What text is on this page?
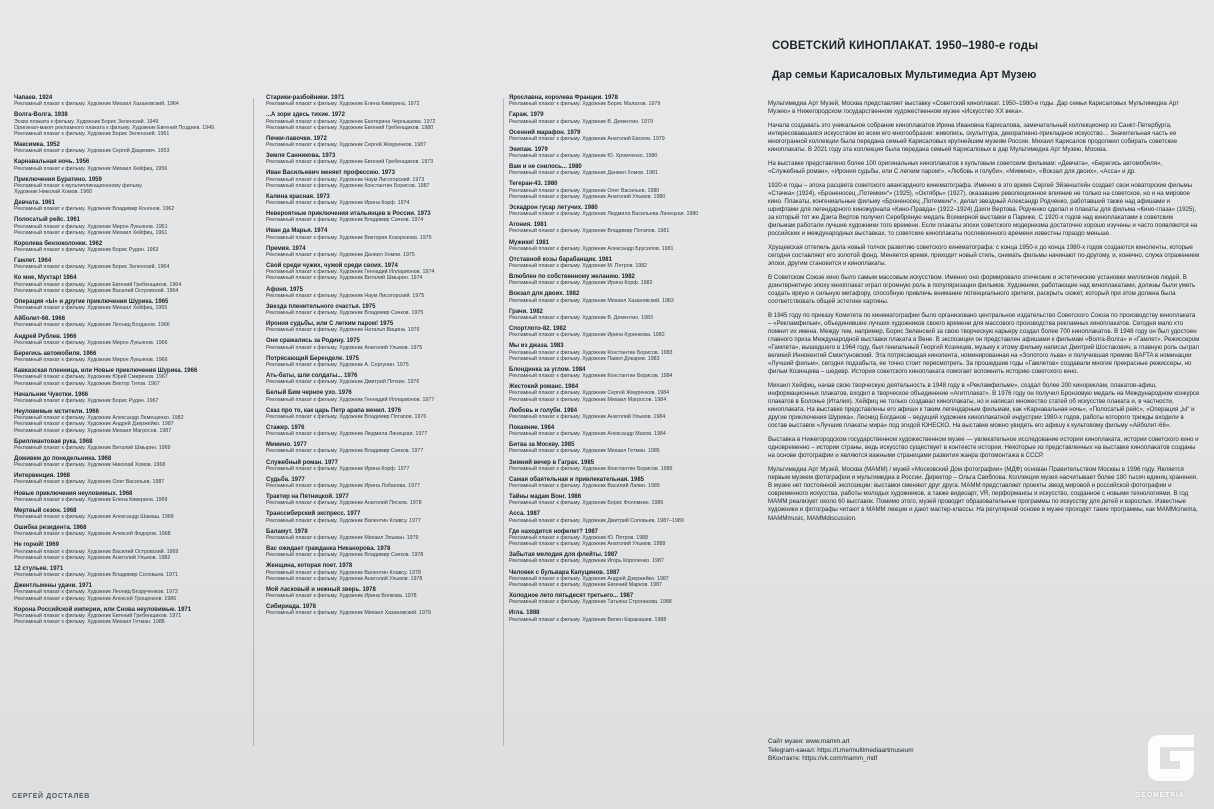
Чапаев. 1924
Рекламный плакат к фильму. Художник Михаил Хазановский. 1964
Волга-Волга. 1938
Эскиз плаката к фильму. Художник Борис Зеленский. 1949
Оригинал-макет рекламного плаката к фильму. Художник Евгений Позднев. 1949.
Рекламный плакат к фильму. Художник Борис Зеленский. 1961
Максимка. 1952
Рекламный плакат к фильму. Художник Сергей Дацкевич. 1953
Карнавальная ночь. 1956
Рекламный плакат к фильму. Художник Михаил Хейфиц. 1956
Приключения Буратино. 1959
Рекламный плакат к мультипликационному фильму.
Художник Николай Хомов. 1960
Девчата. 1961
Рекламный плакат к фильму. Художник Владимир Кононов. 1962
Полосатый рейс. 1961
Рекламный плакат к фильму. Художник Мирон Лукьянов. 1961
Рекламный плакат к фильму. Художник Михаил Хейфиц. 1961
Королева бензоколонки. 1962
Рекламный плакат к фильму. Художник Борис Рудин. 1963
Гамлет. 1964
Рекламный плакат к фильму. Художник Борис Зеленский. 1964
Ко мне, Мухтар! 1964
Рекламный плакат к фильму. Художник Евгений Гребенщиков. 1964
Рекламный плакат к фильму. Художник Василий Островский. 1964
Операция «Ы» и другие приключения Шурика. 1965
Рекламный плакат к фильму. Художник Михаил Хейфиц. 1965
Айболит-66. 1966
Рекламный плакат к фильму. Художник Леонид Богданов. 1966
Андрей Рублев. 1966
Рекламный плакат к фильму. Художник Мирон Лукьянов. 1966
Берегись автомобиля. 1966
Рекламный плакат к фильму. Художник Мирон Лукьянов. 1966
Кавказская пленница, или Новые приключения Шурика. 1966
Рекламный плакат к фильму. Художник Юрий Смиренов. 1967
Рекламный плакат к фильму. Художник Виктор Титов. 1967
Начальник Чукотки. 1966
Рекламный плакат к фильму. Художник Борис Рудин. 1967
Неуловимые мстители. 1966
Рекламный плакат к фильму. Художник Александр Лемещенко. 1982
Рекламный плакат к фильму. Художник Андрей Дзержейко. 1987
Рекламный плакат к фильму. Художник Михаил Магросов. 1987
Бриллиантовая рука. 1968
Рекламный плакат к фильму. Художник Виталий Шмырин. 1969
Доживем до понедельника. 1968
Рекламный плакат к фильму. Художник Николай Хомов. 1968
Интервенция. 1968
Рекламный плакат к фильму. Художник Олег Васильев. 1987
Новые приключения неуловимых. 1968
Рекламный плакат к фильму. Художник Елена Киверина. 1969
Мертвый сезон. 1968
Рекламный плакат к фильму. Художник Александр Шамаш. 1968
Ошибка резидента. 1968
Рекламный плакат к фильму. Художник Алексей Федоров. 1968
Не горюй! 1969
Рекламный плакат к фильму. Художник Василий Островский. 1969
Рекламный плакат к фильму. Художник Анатолий Ульмов. 1982
12 стульев. 1971
Рекламный плакат к фильму. Художник Владимир Соловьев. 1971
Джентльмены удачи. 1971
Рекламный плакат к фильму. Художник Леонид Безрученков. 1972
Рекламный плакат к фильму. Художник Алексей Трощенков. 1986
Корона Российской империи, или Снова неуловимые. 1971
Рекламный плакат к фильму. Художник Евгений Гребенщиков. 1971
Рекламный плакат к фильму. Художник Михаил Гетман. 1986
Старики-разбойники. 1971
Рекламный плакат к фильму. Художник Елена Киверина. 1972
...А зори здесь тихие. 1972
Рекламный плакат к фильму. Художник Екатерина Чернышева. 1972
Рекламный плакат к фильму. Художник Евгений Гребенщиков. 1980
Печки-лавочки. 1972
Рекламный плакат к фильму. Художник Сергей Жмуренков. 1987
Земля Санникова. 1973
Рекламный плакат к фильму. Художник Евгений Гребенщиков. 1973
Иван Васильевич меняет профессию. 1973
Рекламный плакат к фильму. Художник Наум Лисогорский. 1973
Рекламный плакат к фильму. Художник Константин Борисов. 1987
Калина красная. 1973
Рекламный плакат к фильму. Художник Ирина Корф. 1974
Невероятные приключения итальянцев в России. 1973
Рекламный плакат к фильму. Художник Владимир Сачков. 1974
Иван да Марья. 1974
Рекламный плакат к фильму. Художник Виктория Козорезова. 1975
Премия. 1974
Рекламный плакат к фильму. Художник Даниил Хомов. 1975
Свой среди чужих, чужой среди своих. 1974
Рекламный плакат к фильму. Художник Геннадий Илларионов. 1974
Рекламный плакат к фильму. Художник Виталий Шмырин. 1974
Афоня. 1975
Рекламный плакат к фильму. Художник Наум Лисогорский. 1975
Звезда пленительного счастья. 1975
Рекламный плакат к фильму. Художник Владимир Сачков. 1975
Ирония судьбы, или С легким паром! 1975
Рекламный плакат к фильму. Художник Наталья Вицина. 1976
Они сражались за Родину. 1975
Рекламный плакат к фильму. Художник Анатолий Ульмов. 1975
Потрясающий Беренделе. 1975
Рекламный плакат к фильму. Художник А. Сергунин. 1975
Ать-баты, шли солдаты... 1976
Рекламный плакат к фильму. Художник Дмитрий Пяткин. 1976
Белый Бим черное ухо. 1976
Рекламный плакат к фильму. Художник Геннадий Илларионов. 1977
Сказ про то, как царь Петр арапа женил. 1976
Рекламный плакат к фильму. Художник Владимир Потапов. 1976
Стажер. 1976
Рекламный плакат к фильму. Художник Людмила Линецкая. 1977
Мимино. 1977
Рекламный плакат к фильму. Художник Владимир Сачков. 1977
Служебный роман. 1977
Рекламный плакат к фильму. Художник Ирина Корф. 1977
Судьба. 1977
Рекламный плакат к фильму. Художник Ирина Лобанова. 1977
Трактир на Пятницкой. 1977
Рекламный плакат к фильму. Художник Анатолий Песков. 1978
Транссибирский экспресс. 1977
Рекламный плакат к фильму. Художник Валентин Клавсу. 1977
Баламут. 1978
Рекламный плакат к фильму. Художник Михаил Эльман. 1979
Вас ожидает гражданка Никанорова. 1978
Рекламный плакат к фильму. Художник Владимир Сачков. 1978
Женщина, которая поет. 1978
Рекламный плакат к фильму. Художник Валентин Клавсу. 1978
Рекламный плакат к фильму. Художник Анатолий Ульмов. 1978
Мой ласковый и нежный зверь. 1978
Рекламный плакат к фильму. Художник Ирина Волкова. 1978
Сибириада. 1978
Рекламный плакат к фильму. Художник Михаил Хазановский. 1979
Ярославна, королева Франции. 1978
Рекламный плакат к фильму. Художник Борис Малахов. 1979
Гараж. 1979
Рекламный плакат к фильму. Художник В. Дементин. 1979
Осенний марафон. 1979
Рекламный плакат к фильму. Художник Анатолий Евсеев. 1979
Экипаж. 1979
Рекламный плакат к фильму. Художник Ю. Хромченко. 1980
Вам и не снилось... 1980
Рекламный плакат к фильму. Художник Даниил Хомов. 1981
Тегеран-43. 1980
Рекламный плакат к фильму. Художник Олег Васильев. 1980
Рекламный плакат к фильму. Художник Анатолий Ульмов. 1980
Эскадрон гусар летучих. 1980
Рекламный плакат к фильму. Художник Людмила Васильева Линецкая. 1980
Агония. 1981
Рекламный плакат к фильму. Художник Владимир Потапов. 1981
Мужики! 1981
Рекламный плакат к фильму. Художник Александр Брусилов. 1981
Отставной козы барабанщик. 1981
Рекламный плакат к фильму. Художник М. Петров. 1982
Влюблен по собственному желанию. 1982
Рекламный плакат к фильму. Художник Ирина Корф. 1982
Вокзал для двоих. 1982
Рекламный плакат к фильму. Художник Михаил Хазановский. 1983
Грачи. 1982
Рекламный плакат к фильму. Художник В. Дементин. 1983
Спортлото-82. 1982
Рекламный плакат к фильму. Художник Ирина Куринкова. 1982
Мы из джаза. 1983
Рекламный плакат к фильму. Художник Константин Борисов. 1983
Рекламный плакат к фильму. Художник Павел Докарев. 1983
Блондинка за углом. 1984
Рекламный плакат к фильму. Художник Константин Борисов. 1984
Жестокий романс. 1984
Рекламный плакат к фильму. Художник Сергей Жмуренков. 1984
Рекламный плакат к фильму. Художник Михаил Магросов. 1984
Любовь и голуби. 1984
Рекламный плакат к фильму. Художник Анатолий Ульмов. 1984
Покаяние. 1984
Рекламный плакат к фильму. Художник Александр Махов. 1984
Битва за Москву. 1985
Рекламный плакат к фильму. Художник Михаил Гетман. 1985
Зимний вечер в Гаграх. 1985
Рекламный плакат к фильму. Художник Константин Борисов. 1985
Самая обаятельная и привлекательная. 1985
Рекламный плакат к фильму. Художник Василий Лапин. 1985
Тайны мадам Вонг. 1986
Рекламный плакат к фильму. Художник Борис Фоломкин. 1986
Асса. 1987
Рекламный плакат к фильму. Художник Дмитрий Соловьев. 1987–1989
Где находится нофелет? 1987
Рекламный плакат к фильму. Художник Ю. Петров. 1988
Рекламный плакат к фильму. Художник Анатолий Ульмов. 1988
Забытая мелодия для флейты. 1987
Рекламный плакат к фильму. Художник Игорь Короленко. 1987
Человек с бульвара Капуцинов. 1987
Рекламный плакат к фильму. Художник Андрей Дзержейко. 1987
Рекламный плакат к фильму. Художник Евгений Марков. 1987
Холодное лето пятьдесят третьего... 1987
Рекламный плакат к фильму. Художник Татьяна Строганова. 1988
Игла. 1988
Рекламный плакат к фильму. Художник Вилен Каракашев. 1988
СОВЕТСКИЙ КИНОПЛАКАТ. 1950–1980-е годы
Дар семьи Карисаловых Мультимедиа Арт Музею

Мультимедиа Арт Музей, Москва представляет выставку «Советский киноплакат. 1950–1980-е годы. Дар семьи Карисаловых Мультимедиа Арт Музею» в Нижегородском государственном художественном музее «Искусство XX века».

Начала создавать это уникальное собрание киноплакатов Ирина Ивановна Карисалова, замечательный коллекционер из Санкт-Петербурга, интересовавшаяся искусством во всем его многообразии: живопись, скульптура, декоративно-прикладное искусство… Значительная часть ее многогранной коллекции была передана семьей Карисаловых крупнейшим музеям России. Михаил Карисалов продолжил собирать советские киноплакаты. В 2021 году эта коллекция была передана семьей Карисаловых в дар Мультимедиа Арт Музею, Москва.

На выставке представлено более 100 оригинальных киноплакатов к культовым советским фильмам: «Девчата», «Берегись автомобиля», «Служебный роман», «Ирония судьбы, или С легким паром!», «Любовь и голуби», «Мимино», «Вокзал для двоих», «Асса» и др.

1920-е годы – эпоха расцвета советского авангардного кинематографа. Именно в это время Сергей Эйзенштейн создает свои новаторские фильмы «Стачка» (1924), «Броненосец „Потемкин“» (1925), «Октябрь» (1927), оказавшие революционное влияние не только на советское, но и на мировое кино. Плакаты, конгениальные фильму «Броненосец „Потемкин“», делал звездный Александр Родченко, работавший также над афишами и шрифтами для легендарного киножурнала «Кино-Правда» (1922–1924) Дзиги Вертова. Родченко сделал и плакаты для фильма «Кино-глаза» (1925), за который тот же Дзига Вертов получил Серебряную медаль Всемирной выставки в Париже. С 1920-х годов над киноплакатами к советским фильмам работали лучшие художники того времени. Если плакаты эпохи советского модернизма достаточно хорошо изучены и часто появляются на российских и международных выставках, то советские киноплакаты послевоенного времени известны гораздо меньше.

Хрущевская оттепель дала новый толчок развитию советского кинематографа: с конца 1950-х до конца 1980-х годов создаются киноленты, которые сегодня составляют его золотой фонд. Меняется время, приходит новый стиль, снимать фильмы начинают по-другому, и, конечно, служа отражением эпохи, другим становится и киноплакаты.

В Советском Союзе кино было самым массовым искусством. Именно оно формировало этические и эстетические установки миллионов людей. В доинтернетную эпоху киноплакат играл огромную роль в популяризации фильмов. Художники, работающие над киноплакатами, должны были уметь создать яркую и сильную метафору, способную привлечь внимание потенциального зрителя, раскрыть сюжет, который при этом должна была соответствовать общей эстетике картины.

В 1945 году по приказу Комитета по кинематографии было организовано центральное издательство Советского Союза по производству киноплаката – «Рекламфильм», объединившее лучших художников своего времени для массового производства рекламных киноплакатов. Сегодня мало кто помнит их имена. Между тем, например, Борис Зеленский за свою творческую карьеру создал более 700 киноплакатов. В 1948 году он был удостоен главного приза Международной выставки плаката в Вене. В экспозиции он представлен афишами к фильмам «Волга-Волга» и «Гамлет». Режиссером «Гамлета», вышедшего в 1964 году, был гениальный Георгий Козинцев, музыку к этому фильму написал Дмитрий Шостакович, а главную роль сыграл великий Иннокентий Смоктуновский. Эта потрясающая кинолента, номинированная на «Золотого льва» и получившая премию BAFTA в номинации «Лучший фильм», сегодня подзабыта, ее точно стоит пересмотреть. За прошедшие годы «Гамлетов» создавали многие прекрасные режиссеры, но фильм Козинцева – шедевр. История советского киноплаката помогает вспомнить историю советского кино.

Михаил Хейфиц, начав свою творческую деятельность в 1948 году в «Рекламфильме», создал более 200 кинореклам, плакатов-афиш, информационных плакатов, входил в творческое объединение «Агитплакат». В 1976 году он получил Бронзовую медаль на Международном конкурсе плакатов в Болонье (Италия). Хейфиц не только создавал киноплакаты, но и написал множество статей об искусстве плаката и, в частности, киноплаката. На выставке представлены его афиши к таким легендарным фильмам, как «Карнавальная ночь», «Полосатый рейс», «Операция „Ы“ и другие приключения Шурика». Леонид Богданов – ведущий художник киноплакатной индустрии 1980-х годов, работы которого трижды входили в состав выставок «Лучшие плакаты мира» под эгидой ЮНЕСКО. На выставке можно увидеть его афишу к культовому фильму «Айболит-66».

Выставка в Нижегородском государственном художественном музее — увлекательное исследование истории киноплаката, истории советского кино и одновременно – истории страны, ведь искусство существует в контексте истории. Некоторые из представленных на выставке киноплакатов созданы на основе фотографии и являются важными страницами развития жанра фотомонтажа в СССР.

Мультимедиа Арт Музей, Москва (МАММ) / музей «Московский Дом фотографии» (МДФ) основан Правительством Москвы в 1996 году. Является первым музеем фотографии и мультимедиа в России. Директор – Ольга Свиблова. Коллекция музея насчитывает более 180 тысяч единиц хранения. В музее нет постоянной экспозиции: выставки сменяют друг друга. МАММ представляет проекты звезд мировой и российской фотографии и современного искусства, работы молодых художников, а также видеоарт, VR, перформансы и искусство, созданное с новыми технологиями. В год МАММ реализует около 60 выставок. Помимо этого, музей проводит образовательные программы по искусству для детей и взрослых. Известные художники и фотографы читают в МАММ лекции и дают мастер-классы. На регулярной основе в музее проходят такие программы, как MAMMcinema, MAMMmusic, MAMMdiscussion.

Сайт музея: www.mamm.art
Telegram-канал: https://t.me/multimediaartmuseum
ВКонтакте: https://vk.com/mamm_mdf
СЕРГЕЙ ДОСТАЛЕВ	GEOMETRIA
